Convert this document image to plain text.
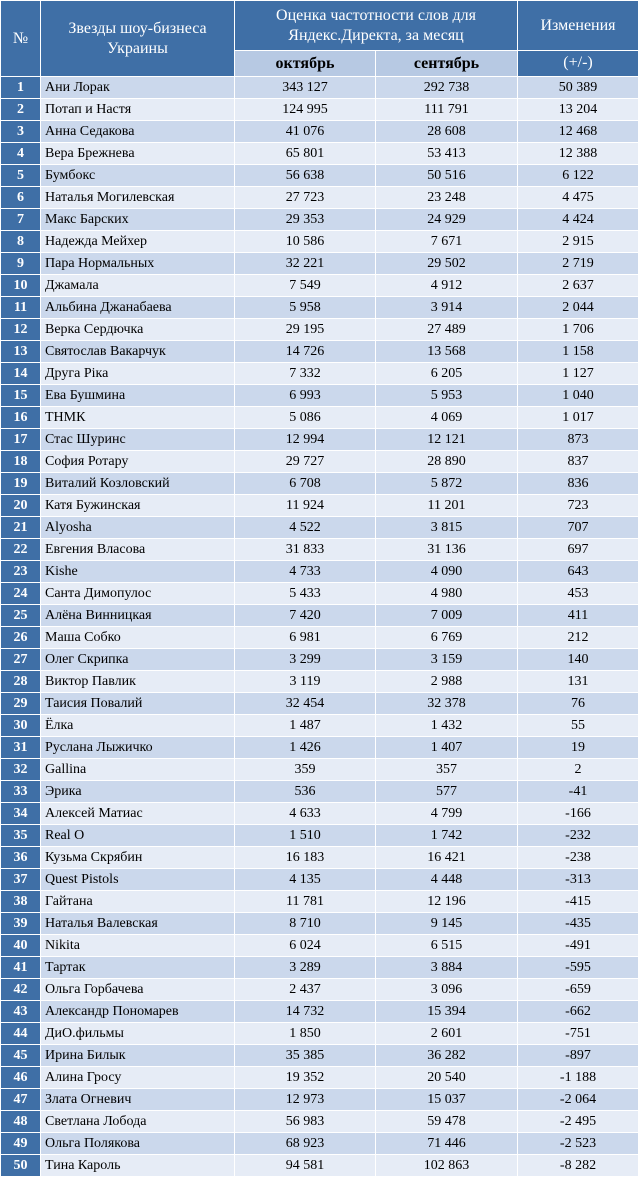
№	Звезды шоу-бизнеса Украины	Оценка частотности слов для Яндекс.Директа, за месяц		Изменения
		октябрь	сентябрь	(+/-)
1	Ани Лорак	343 127	292 738	50 389
2	Потап и Настя	124 995	111 791	13 204
3	Анна Седакова	41 076	28 608	12 468
4	Вера Брежнева	65 801	53 413	12 388
5	Бумбокс	56 638	50 516	6 122
6	Наталья Могилевская	27 723	23 248	4 475
7	Макс Барских	29 353	24 929	4 424
8	Надежда Мейхер	10 586	7 671	2 915
9	Пара Нормальных	32 221	29 502	2 719
10	Джамала	7 549	4 912	2 637
11	Альбина Джанабаева	5 958	3 914	2 044
12	Верка Сердючка	29 195	27 489	1 706
13	Святослав Вакарчук	14 726	13 568	1 158
14	Друга Ріка	7 332	6 205	1 127
15	Ева Бушмина	6 993	5 953	1 040
16	ТНМК	5 086	4 069	1 017
17	Стас Шуринс	12 994	12 121	873
18	София Ротару	29 727	28 890	837
19	Виталий Козловский	6 708	5 872	836
20	Катя Бужинская	11 924	11 201	723
21	Alyosha	4 522	3 815	707
22	Евгения Власова	31 833	31 136	697
23	Kishe	4 733	4 090	643
24	Санта Димопулос	5 433	4 980	453
25	Алёна Винницкая	7 420	7 009	411
26	Маша Собко	6 981	6 769	212
27	Олег Скрипка	3 299	3 159	140
28	Виктор Павлик	3 119	2 988	131
29	Таисия Повалий	32 454	32 378	76
30	Ёлка	1 487	1 432	55
31	Руслана Лыжичко	1 426	1 407	19
32	Gallina	359	357	2
33	Эрика	536	577	-41
34	Алексей Матиас	4 633	4 799	-166
35	Real O	1 510	1 742	-232
36	Кузьма Скрябин	16 183	16 421	-238
37	Quest Pistols	4 135	4 448	-313
38	Гайтана	11 781	12 196	-415
39	Наталья Валевская	8 710	9 145	-435
40	Nikita	6 024	6 515	-491
41	Тартак	3 289	3 884	-595
42	Ольга Горбачева	2 437	3 096	-659
43	Александр Пономарев	14 732	15 394	-662
44	ДиО.фильмы	1 850	2 601	-751
45	Ирина Билык	35 385	36 282	-897
46	Алина Гросу	19 352	20 540	-1 188
47	Злата Огневич	12 973	15 037	-2 064
48	Светлана Лобода	56 983	59 478	-2 495
49	Ольга Полякова	68 923	71 446	-2 523
50	Тина Кароль	94 581	102 863	-8 282
